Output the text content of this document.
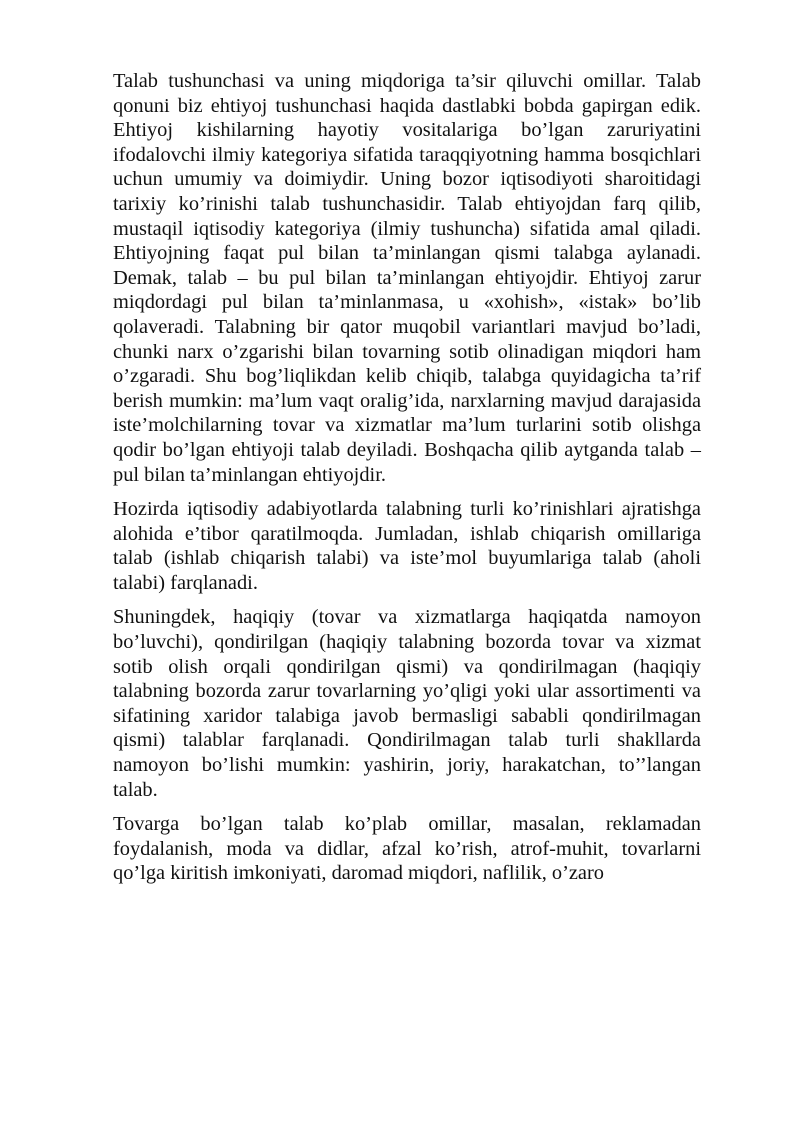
Talab tushunchasi va uning miqdoriga ta’sir qiluvchi omillar. Talab qonuni biz ehtiyoj tushunchasi haqida dastlabki bobda gapirgan edik. Ehtiyoj kishilarning hayotiy vositalariga bo’lgan zaruriyatini ifodalovchi ilmiy kategoriya sifatida taraqqiyotning hamma bosqichlari uchun umumiy va doimiydir. Uning bozor iqtisodiyoti sharoitidagi tarixiy ko’rinishi talab tushunchasidir. Talab ehtiyojdan farq qilib, mustaqil iqtisodiy kategoriya (ilmiy tushuncha) sifatida amal qiladi. Ehtiyojning faqat pul bilan ta’minlangan qismi talabga aylanadi. Demak, talab – bu pul bilan ta’minlangan ehtiyojdir. Ehtiyoj zarur miqdordagi pul bilan ta’minlanmasa, u «xohish», «istak» bo’lib qolaveradi. Talabning bir qator muqobil variantlari mavjud bo’ladi, chunki narx o’zgarishi bilan tovarning sotib olinadigan miqdori ham o’zgaradi. Shu bog’liqlikdan kelib chiqib, talabga quyidagicha ta’rif berish mumkin: ma’lum vaqt oralig’ida, narxlarning mavjud darajasida iste’molchilarning tovar va xizmatlar ma’lum turlarini sotib olishga qodir bo’lgan ehtiyoji talab deyiladi. Boshqacha qilib aytganda talab – pul bilan ta’minlangan ehtiyojdir.

Hozirda iqtisodiy adabiyotlarda talabning turli ko’rinishlari ajratishga alohida e’tibor qaratilmoqda. Jumladan, ishlab chiqarish omillariga talab (ishlab chiqarish talabi) va iste’mol buyumlariga talab (aholi talabi) farqlanadi.

Shuningdek, haqiqiy (tovar va xizmatlarga haqiqatda namoyon bo’luvchi), qondirilgan (haqiqiy talabning bozorda tovar va xizmat sotib olish orqali qondirilgan qismi) va qondirilmagan (haqiqiy talabning bozorda zarur tovarlarning yo’qligi yoki ular assortimenti va sifatining xaridor talabiga javob bermasligi sababli qondirilmagan qismi) talablar farqlanadi. Qondirilmagan talab turli shakllarda namoyon bo’lishi mumkin: yashirin, joriy, harakatchan, to’’langan talab.

Tovarga bo’lgan talab ko’plab omillar, masalan, reklamadan foydalanish, moda va didlar, afzal ko’rish, atrof-muhit, tovarlarni qo’lga kiritish imkoniyati, daromad miqdori, naflilik, o’zaro
